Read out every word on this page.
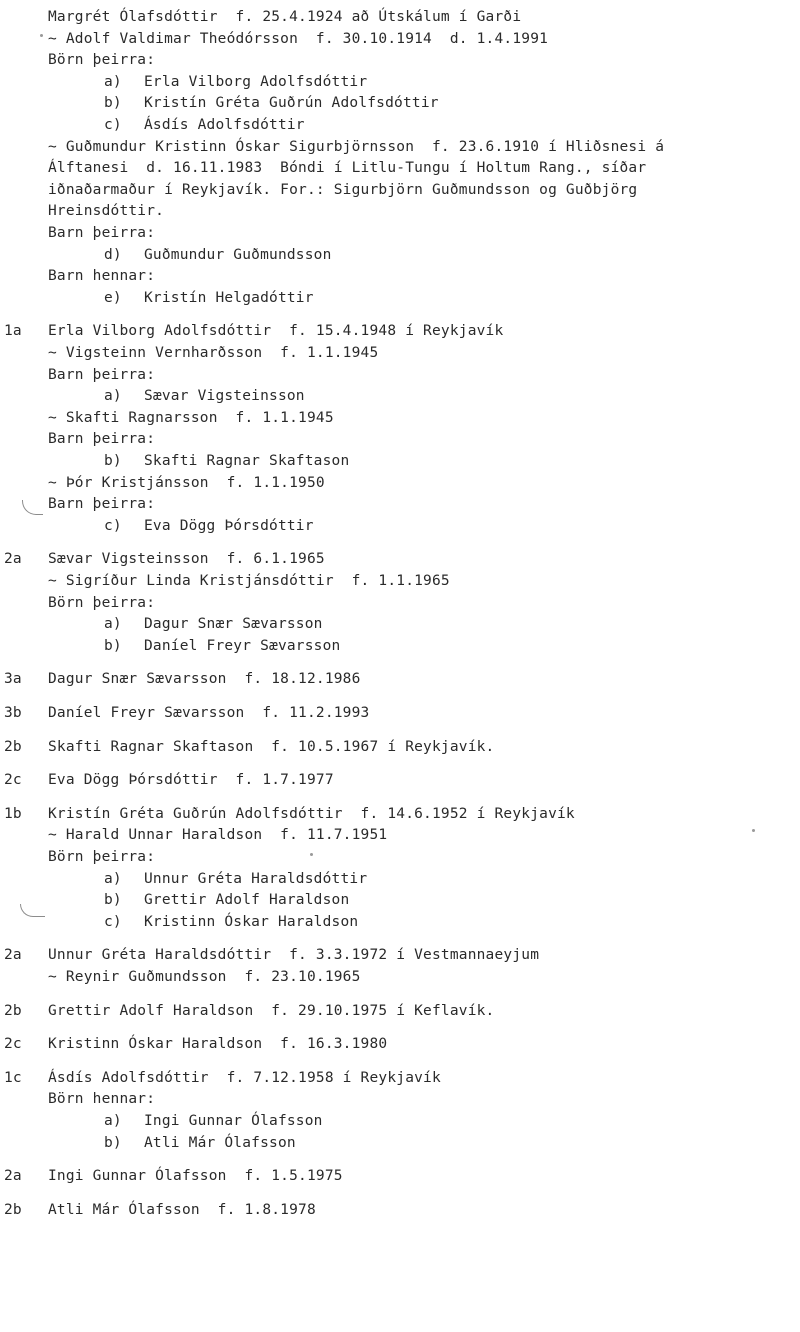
Margrét Ólafsdóttir  f. 25.4.1924 að Útskálum í Garði
~ Adolf Valdimar Theódórsson  f. 30.10.1914  d. 1.4.1991
Börn þeirra:
a) Erla Vilborg Adolfsdóttir
b) Kristín Gréta Guðrún Adolfsdóttir
c) Ásdís Adolfsdóttir
~ Guðmundur Kristinn Óskar Sigurbjörnsson  f. 23.6.1910 í Hliðsnesi á
Álftanesi  d. 16.11.1983  Bóndi í Litlu-Tungu í Holtum Rang., síðar
iðnaðarmaður í Reykjavík. For.: Sigurbjörn Guðmundsson og Guðbjörg
Hreinsdóttir.
Barn þeirra:
d) Guðmundur Guðmundsson
Barn hennar:
e) Kristín Helgadóttir
1a Erla Vilborg Adolfsdóttir  f. 15.4.1948 í Reykjavík
~ Vigsteinn Vernharðsson  f. 1.1.1945
Barn þeirra:
a) Sævar Vigsteinsson
~ Skafti Ragnarsson  f. 1.1.1945
Barn þeirra:
b) Skafti Ragnar Skaftason
~ Þór Kristjánsson  f. 1.1.1950
Barn þeirra:
c) Eva Dögg Þórsdóttir
2a Sævar Vigsteinsson  f. 6.1.1965
~ Sigríður Linda Kristjánsdóttir  f. 1.1.1965
Börn þeirra:
a) Dagur Snær Sævarsson
b) Daníel Freyr Sævarsson
3a Dagur Snær Sævarsson  f. 18.12.1986
3b Daníel Freyr Sævarsson  f. 11.2.1993
2b Skafti Ragnar Skaftason  f. 10.5.1967 í Reykjavík.
2c Eva Dögg Þórsdóttir  f. 1.7.1977
1b Kristín Gréta Guðrún Adolfsdóttir  f. 14.6.1952 í Reykjavík
~ Harald Unnar Haraldson  f. 11.7.1951
Börn þeirra:
a) Unnur Gréta Haraldsdóttir
b) Grettir Adolf Haraldson
c) Kristinn Óskar Haraldson
2a Unnur Gréta Haraldsdóttir  f. 3.3.1972 í Vestmannaeyjum
~ Reynir Guðmundsson  f. 23.10.1965
2b Grettir Adolf Haraldson  f. 29.10.1975 í Keflavík.
2c Kristinn Óskar Haraldson  f. 16.3.1980
1c Ásdís Adolfsdóttir  f. 7.12.1958 í Reykjavík
Börn hennar:
a) Ingi Gunnar Ólafsson
b) Atli Már Ólafsson
2a Ingi Gunnar Ólafsson  f. 1.5.1975
2b Atli Már Ólafsson  f. 1.8.1978
